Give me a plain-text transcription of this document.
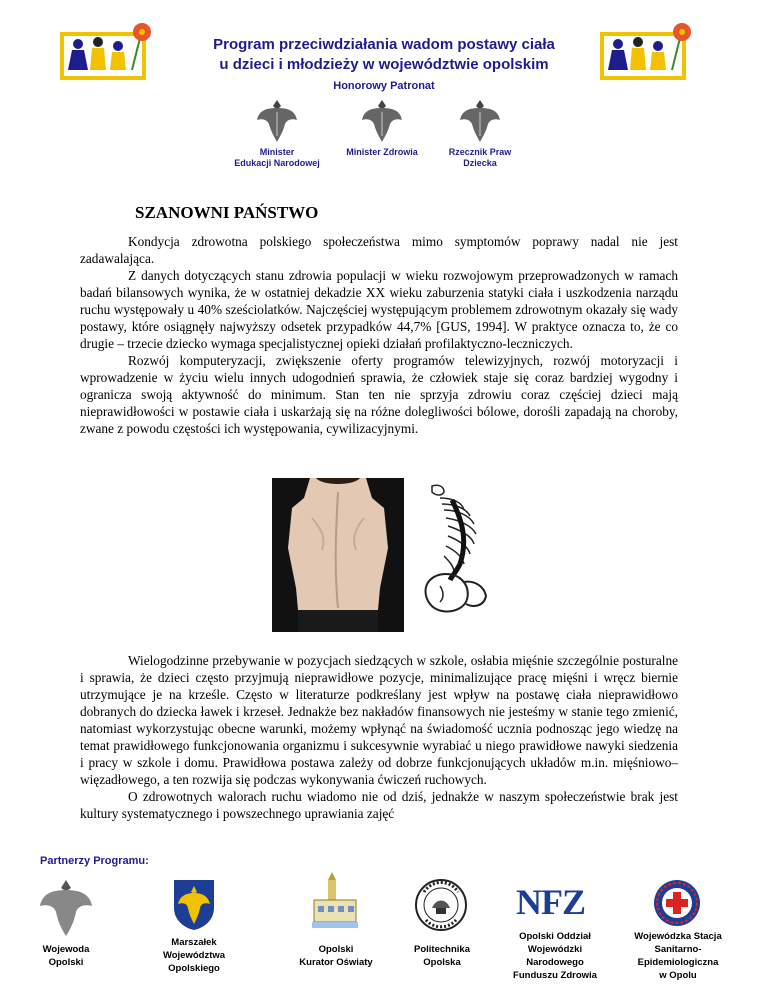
Program przeciwdziałania wadom postawy ciała
u dzieci i młodzieży w województwie opolskim
Honorowy Patronat
Minister
Edukacji Narodowej
Minister Zdrowia	Rzecznik Praw
Dziecka
SZANOWNI PAŃSTWO

Kondycja zdrowotna polskiego społeczeństwa mimo symptomów poprawy nadal nie jest zadawalająca.

Z danych dotyczących stanu zdrowia populacji w wieku rozwojowym przeprowadzonych w ramach badań bilansowych wynika, że w ostatniej dekadzie XX wieku zaburzenia statyki ciała i uszkodzenia narządu ruchu występowały u 40% sześciolatków. Najczęściej występującym problemem zdrowotnym okazały się wady postawy, które osiągnęły najwyższy odsetek przypadków 44,7% [GUS, 1994]. W praktyce oznacza to, że co drugie – trzecie dziecko wymaga specjalistycznej opieki działań profilaktyczno-leczniczych.

Rozwój komputeryzacji, zwiększenie oferty programów telewizyjnych, rozwój motoryzacji i wprowadzenie w życiu wielu innych udogodnień sprawia, że człowiek staje się coraz bardziej wygodny i ogranicza swoją aktywność do minimum. Stan ten nie sprzyja zdrowiu coraz częściej dzieci mają nieprawidłowości w postawie ciała i uskarżają się na różne dolegliwości bólowe, dorośli zapadają na choroby, zwane z powodu częstości ich występowania, cywilizacyjnymi.

Wielogodzinne przebywanie w pozycjach siedzących w szkole, osłabia mięśnie szczególnie posturalne i sprawia, że dzieci często przyjmują nieprawidłowe pozycje, minimalizujące pracę mięśni i wręcz biernie utrzymujące je na krześle. Często w literaturze podkreślany jest wpływ na postawę ciała nieprawidłowo dobranych do dziecka ławek i krzeseł. Jednakże bez nakładów finansowych nie jesteśmy w stanie tego zmienić, natomiast wykorzystując obecne warunki, możemy wpłynąć na świadomość ucznia podnosząc jego wiedzę na temat prawidłowego funkcjonowania organizmu i sukcesywnie wyrabiać u niego prawidłowe nawyki siedzenia i pracy w szkole i domu. Prawidłowa postawa zależy od dobrze funkcjonujących układów m.in. mięśniowo–więzadłowego, a ten rozwija się podczas wykonywania ćwiczeń ruchowych.

O zdrowotnych walorach ruchu wiadomo nie od dziś, jednakże w naszym społeczeństwie brak jest kultury systematycznego i powszechnego uprawiania zajęć

Partnerzy Programu:
NFZ
Wojewoda
Opolski
Marszałek
Województwa
Opolskiego
Opolski
Kurator Oświaty
Politechnika
Opolska
Opolski Oddział
Wojewódzki
Narodowego
Funduszu Zdrowia
Wojewódzka Stacja
Sanitarno-
Epidemiologiczna
w Opolu
